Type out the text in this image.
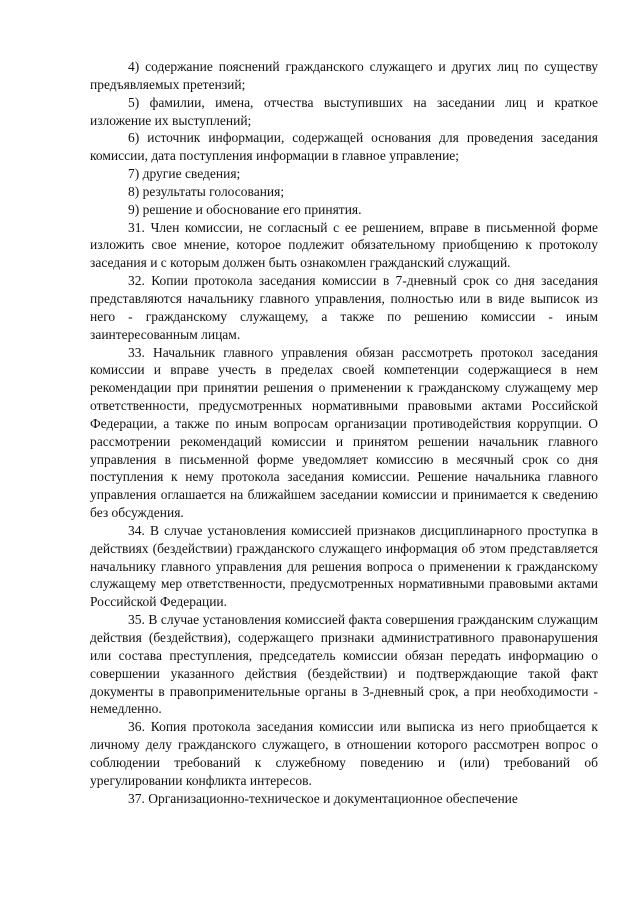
4) содержание пояснений гражданского служащего и других лиц по существу предъявляемых претензий;

5) фамилии, имена, отчества выступивших на заседании лиц и краткое изложение их выступлений;

6) источник информации, содержащей основания для проведения заседания комиссии, дата поступления информации в главное управление;

7) другие сведения;

8) результаты голосования;

9) решение и обоснование его принятия.

31. Член комиссии, не согласный с ее решением, вправе в письменной форме изложить свое мнение, которое подлежит обязательному приобщению к протоколу заседания и с которым должен быть ознакомлен гражданский служащий.

32. Копии протокола заседания комиссии в 7-дневный срок со дня заседания представляются начальнику главного управления, полностью или в виде выписок из него - гражданскому служащему, а также по решению комиссии - иным заинтересованным лицам.

33. Начальник главного управления обязан рассмотреть протокол заседания комиссии и вправе учесть в пределах своей компетенции содержащиеся в нем рекомендации при принятии решения о применении к гражданскому служащему мер ответственности, предусмотренных нормативными правовыми актами Российской Федерации, а также по иным вопросам организации противодействия коррупции. О рассмотрении рекомендаций комиссии и принятом решении начальник главного управления в письменной форме уведомляет комиссию в месячный срок со дня поступления к нему протокола заседания комиссии. Решение начальника главного управления оглашается на ближайшем заседании комиссии и принимается к сведению без обсуждения.

34. В случае установления комиссией признаков дисциплинарного проступка в действиях (бездействии) гражданского служащего информация об этом представляется начальнику главного управления для решения вопроса о применении к гражданскому служащему мер ответственности, предусмотренных нормативными правовыми актами Российской Федерации.

35. В случае установления комиссией факта совершения гражданским служащим действия (бездействия), содержащего признаки административного правонарушения или состава преступления, председатель комиссии обязан передать информацию о совершении указанного действия (бездействии) и подтверждающие такой факт документы в правоприменительные органы в 3-дневный срок, а при необходимости - немедленно.

36. Копия протокола заседания комиссии или выписка из него приобщается к личному делу гражданского служащего, в отношении которого рассмотрен вопрос о соблюдении требований к служебному поведению и (или) требований об урегулировании конфликта интересов.

37. Организационно-техническое и документационное обеспечение
